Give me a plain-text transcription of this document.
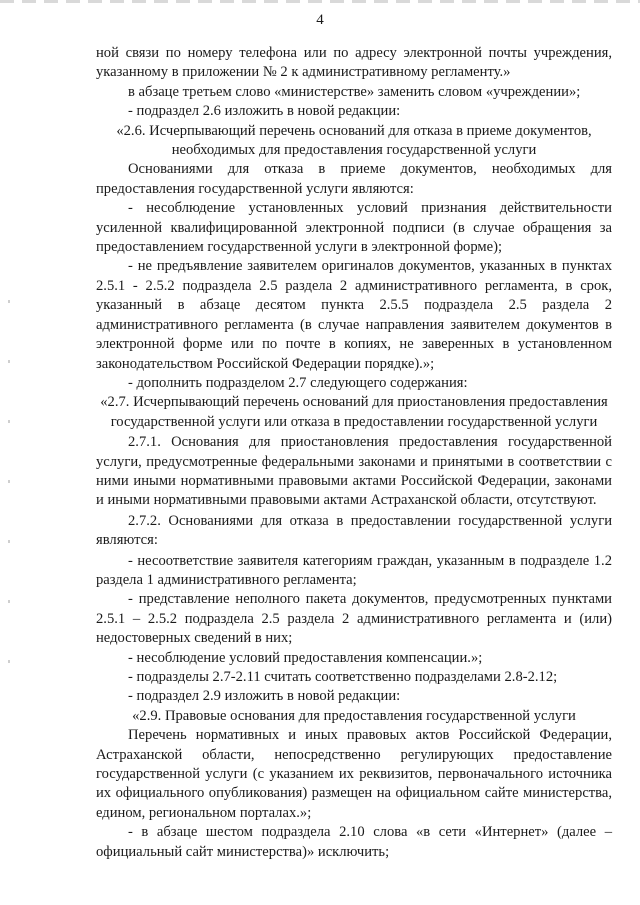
4

ной связи по номеру телефона или по адресу электронной почты учреждения, указанному в приложении № 2 к административному регламенту.»

в абзаце третьем слово «министерстве» заменить словом «учреждении»;

- подраздел 2.6 изложить в новой редакции:

«2.6. Исчерпывающий перечень оснований для отказа в приеме документов, необходимых для предоставления государственной услуги

Основаниями для отказа в приеме документов, необходимых для предоставления государственной услуги являются:

- несоблюдение установленных условий признания действительности усиленной квалифицированной электронной подписи (в случае обращения за предоставлением государственной услуги в электронной форме);

- не предъявление заявителем оригиналов документов, указанных в пунктах 2.5.1 - 2.5.2 подраздела 2.5 раздела 2 административного регламента, в срок, указанный в абзаце десятом пункта 2.5.5 подраздела 2.5 раздела 2 административного регламента (в случае направления заявителем документов в электронной форме или по почте в копиях, не заверенных в установленном законодательством Российской Федерации порядке).»;

- дополнить подразделом 2.7 следующего содержания:

«2.7. Исчерпывающий перечень оснований для приостановления предоставления государственной услуги или отказа в предоставлении государственной услуги

2.7.1. Основания для приостановления предоставления государственной услуги, предусмотренные федеральными законами и принятыми в соответствии с ними иными нормативными правовыми актами Российской Федерации, законами и иными нормативными правовыми актами Астраханской области, отсутствуют.

2.7.2. Основаниями для отказа в предоставлении государственной услуги являются:

- несоответствие заявителя категориям граждан, указанным в подразделе 1.2 раздела 1 административного регламента;

- представление неполного пакета документов, предусмотренных пунктами 2.5.1 – 2.5.2 подраздела 2.5 раздела 2 административного регламента и (или) недостоверных сведений в них;

- несоблюдение условий предоставления компенсации.»;

- подразделы 2.7-2.11 считать соответственно подразделами 2.8-2.12;

- подраздел 2.9 изложить в новой редакции:

«2.9. Правовые основания для предоставления государственной услуги

Перечень нормативных и иных правовых актов Российской Федерации, Астраханской области, непосредственно регулирующих предоставление государственной услуги (с указанием их реквизитов, первоначального источника их официального опубликования) размещен на официальном сайте министерства, едином, региональном порталах.»;

- в абзаце шестом подраздела 2.10 слова «в сети «Интернет» (далее – официальный сайт министерства)» исключить;
